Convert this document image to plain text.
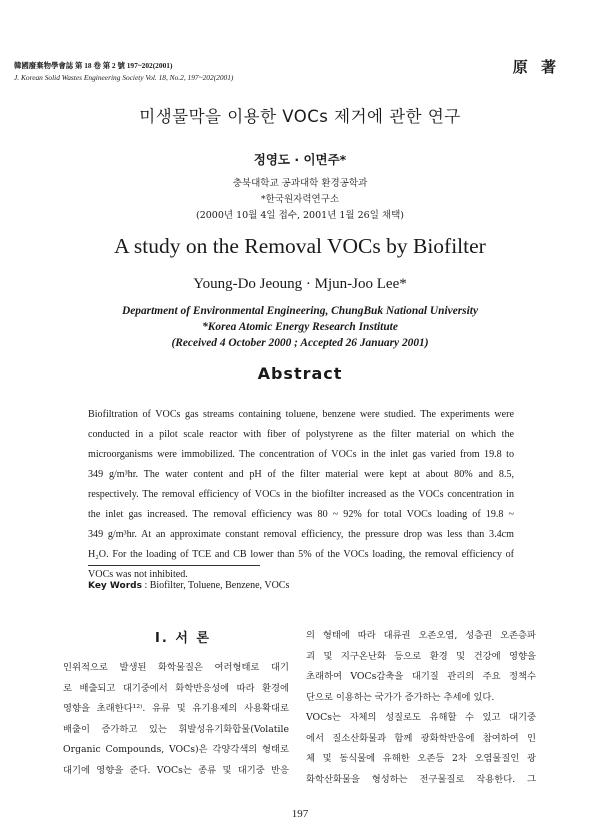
韓國廢棄物學會誌 第 18 卷 第 2 號 197~202(2001)
J. Korean Solid Wastes Engineering Society Vol. 18, No.2, 197~202(2001)
原 著
미생물막을 이용한 VOCs 제거에 관한 연구
정영도 · 이면주*
충북대학교 공과대학 환경공학과
*한국원자력연구소
(2000년 10월 4일 접수, 2001년 1월 26일 채택)
A study on the Removal VOCs by Biofilter
Young-Do Jeoung · Mjun-Joo Lee*
Department of Environmental Engineering, ChungBuk National University
*Korea Atomic Energy Research Institute
(Received 4 October 2000 ; Accepted 26 January 2001)
Abstract
Biofiltration of VOCs gas streams containing toluene, benzene were studied. The experiments were
conducted in a pilot scale reactor with fiber of polystyrene as the filter material on which the
microorganisms were immobilized. The concentration of VOCs in the inlet gas varied from 19.8 to
349 g/m³hr. The water content and pH of the filter material were kept at about 80% and 8.5,
respectively. The removal efficiency of VOCs in the biofilter increased as the VOCs concentration in
the inlet gas increased. The removal efficiency was 80 ~ 92% for total VOCs loading of 19.8 ~
349 g/m³hr. At an approximate constant removal efficiency, the pressure drop was less than 3.4cm
H₂O. For the loading of TCE and CB lower than 5% of the VOCs loading, the removal efficiency of
VOCs was not inhibited.
Key Words : Biofilter, Toluene, Benzene, VOCs
Ⅰ. 서 론
인위적으로 발생된 화학물질은 여러형태로 대기
로 배출되고 대기중에서 화학반응성에 따라 환경에
영향을 초래한다¹²⁾. 유류 및 유기용제의 사용확대로
배출이 증가하고 있는 휘발성유기화합물(Volatile
Organic Compounds, VOCs)은 각양각색의 형태로
대기에 영향을 준다. VOCs는 종류 및 대기중 반응
의 형태에 따라 대류권 오존오염, 성층권 오존층파
괴 및 지구온난화 등으로 환경 및 건강에 영향을
초래하여 VOCs감축을 대기질 관리의 주요 정책수
단으로 이용하는 국가가 증가하는 추세에 있다.
VOCs는 자체의 성질로도 유해할 수 있고 대기중
에서 질소산화물과 함께 광화학반응에 참여하여 인
체 및 동식물에 유해한 오존등 2차 오염물질인 광
화학산화물을 형성하는 전구물질로 작용한다. 그
197
